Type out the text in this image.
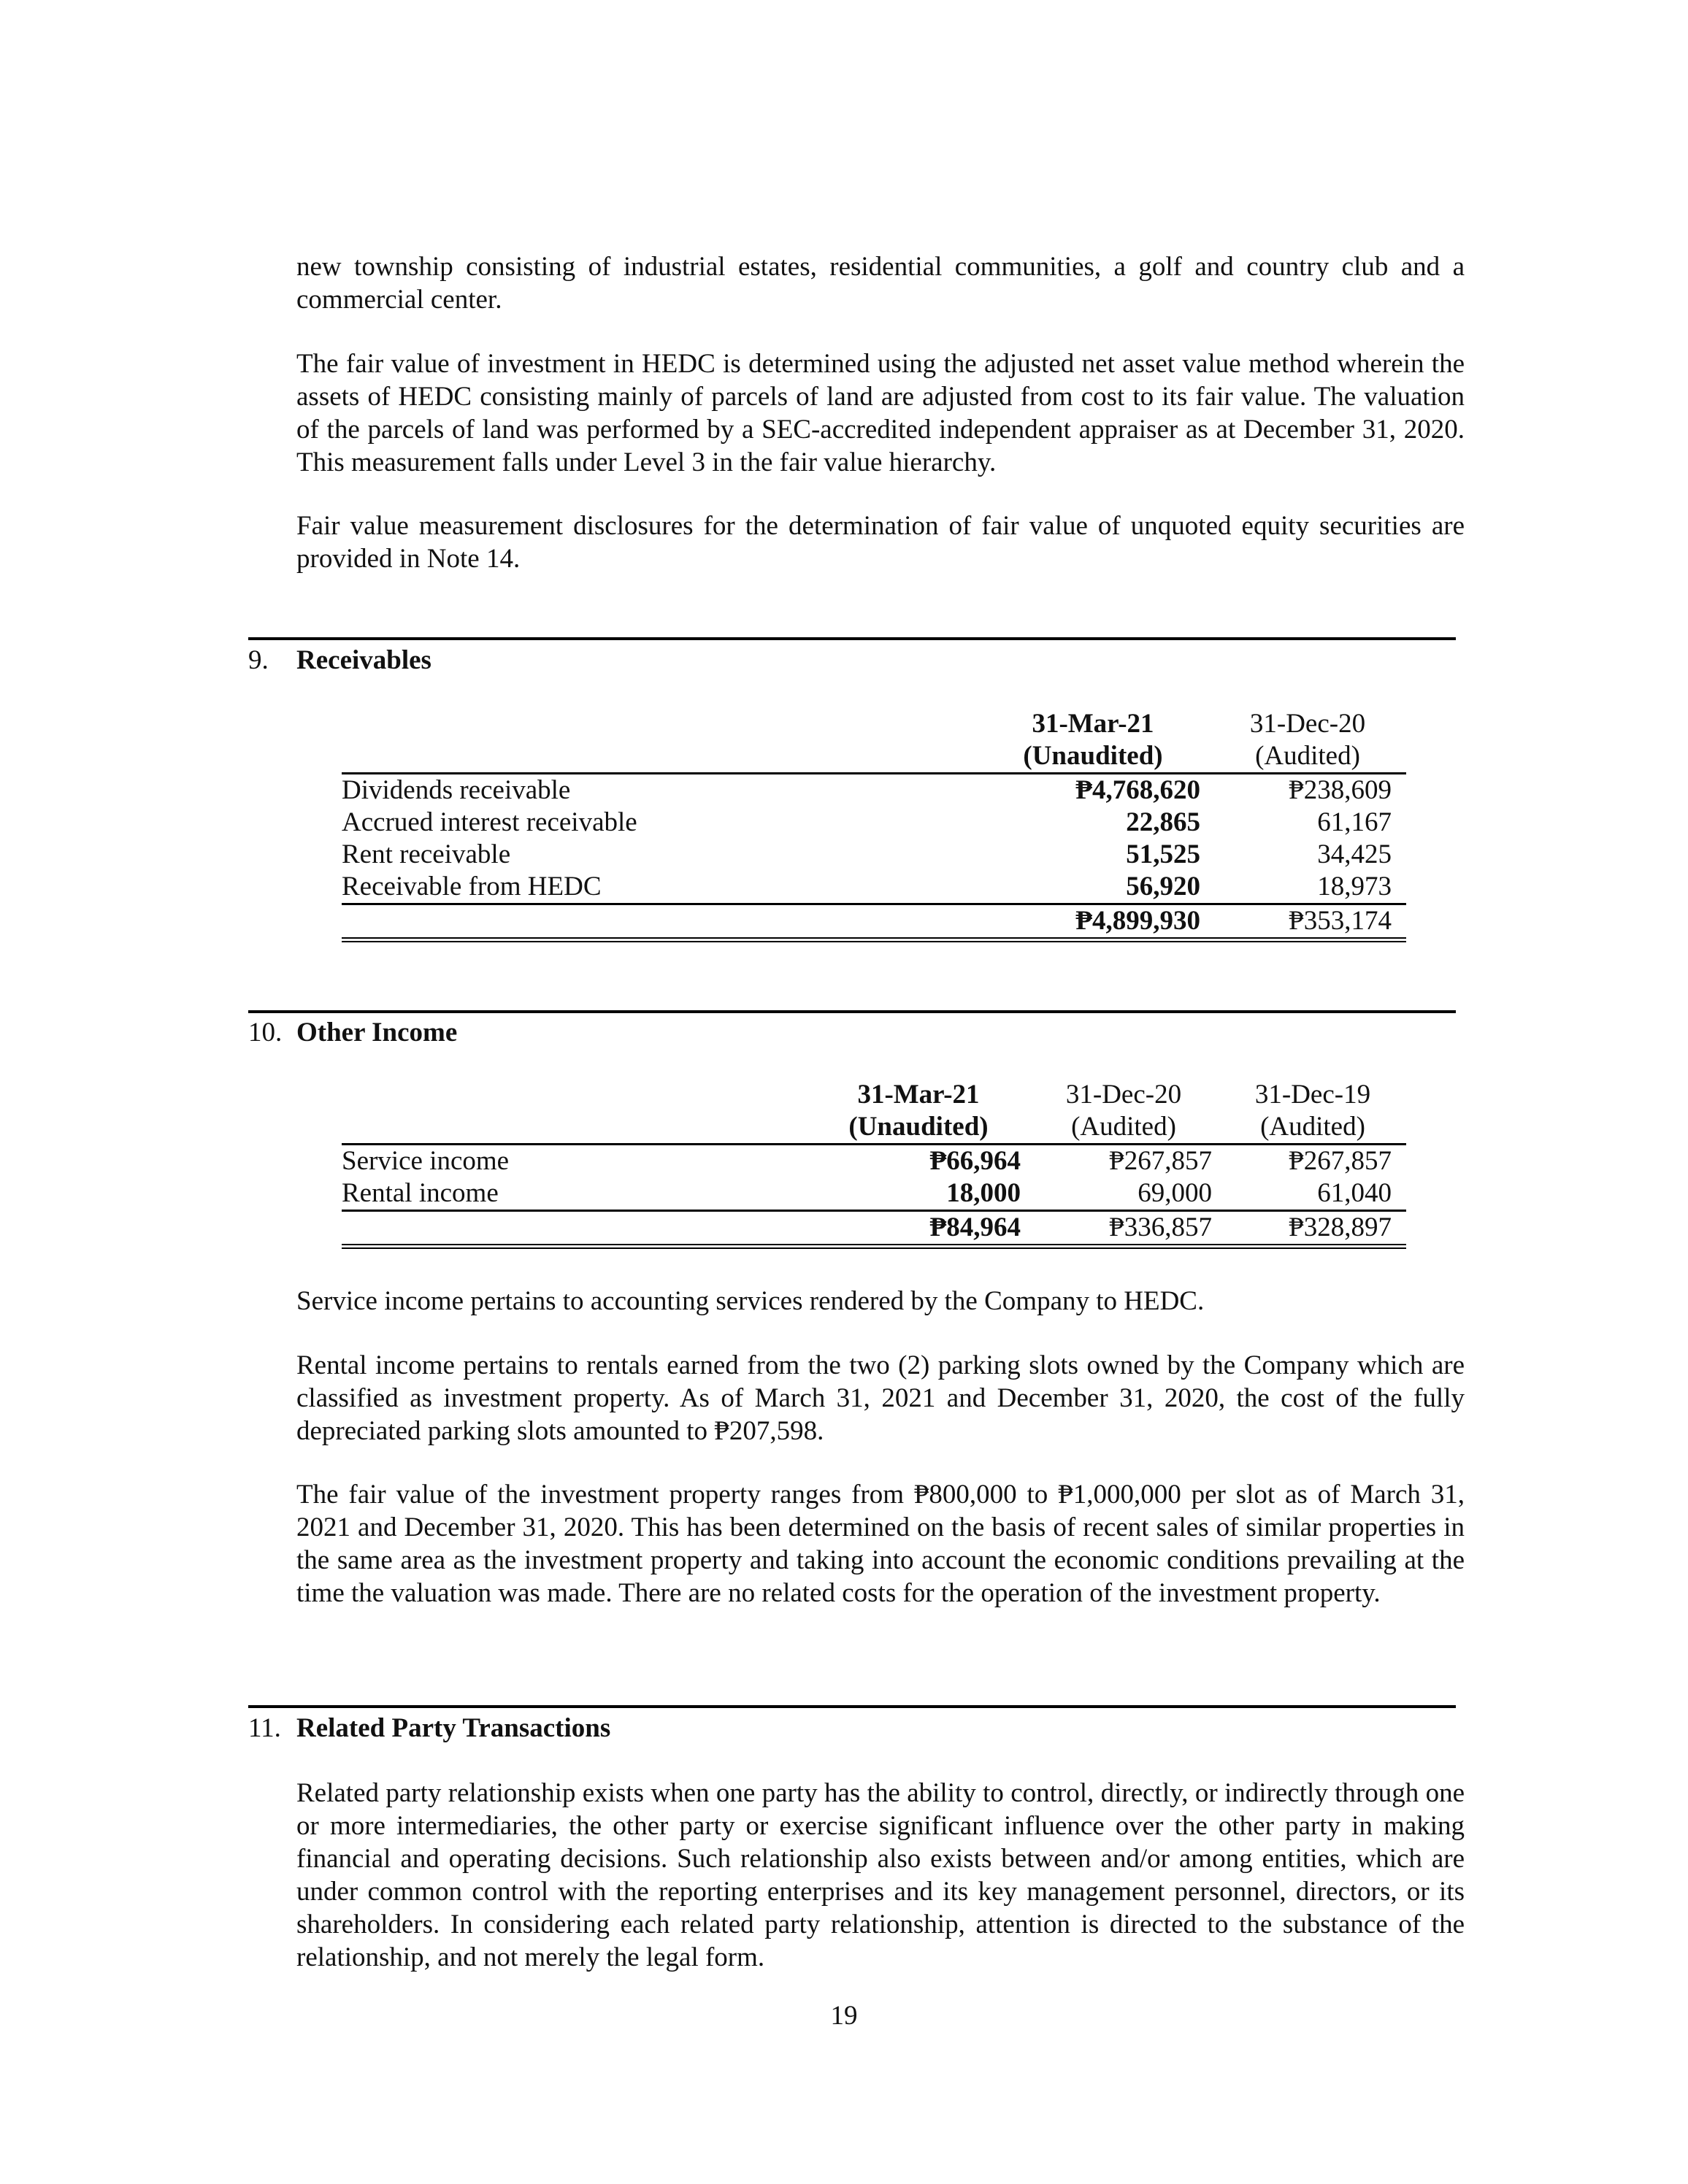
new township consisting of industrial estates, residential communities, a golf and country club and a commercial center.

The fair value of investment in HEDC is determined using the adjusted net asset value method wherein the assets of HEDC consisting mainly of parcels of land are adjusted from cost to its fair value. The valuation of the parcels of land was performed by a SEC-accredited independent appraiser as at December 31, 2020. This measurement falls under Level 3 in the fair value hierarchy.

Fair value measurement disclosures for the determination of fair value of unquoted equity securities are provided in Note 14.

9. Receivables
	31-Mar-21	31-Dec-20
	(Unaudited)	(Audited)
Dividends receivable	₱4,768,620	₱238,609
Accrued interest receivable	22,865	61,167
Rent receivable	51,525	34,425
Receivable from HEDC	56,920	18,973
	₱4,899,930	₱353,174
10. Other Income
	31-Mar-21	31-Dec-20	31-Dec-19
	(Unaudited)	(Audited)	(Audited)
Service income	₱66,964	₱267,857	₱267,857
Rental income	18,000	69,000	61,040
	₱84,964	₱336,857	₱328,897

Service income pertains to accounting services rendered by the Company to HEDC.

Rental income pertains to rentals earned from the two (2) parking slots owned by the Company which are classified as investment property. As of March 31, 2021 and December 31, 2020, the cost of the fully depreciated parking slots amounted to ₱207,598.

The fair value of the investment property ranges from ₱800,000 to ₱1,000,000 per slot as of March 31, 2021 and December 31, 2020. This has been determined on the basis of recent sales of similar properties in the same area as the investment property and taking into account the economic conditions prevailing at the time the valuation was made. There are no related costs for the operation of the investment property.

11. Related Party Transactions

Related party relationship exists when one party has the ability to control, directly, or indirectly through one or more intermediaries, the other party or exercise significant influence over the other party in making financial and operating decisions. Such relationship also exists between and/or among entities, which are under common control with the reporting enterprises and its key management personnel, directors, or its shareholders. In considering each related party relationship, attention is directed to the substance of the relationship, and not merely the legal form.

19
